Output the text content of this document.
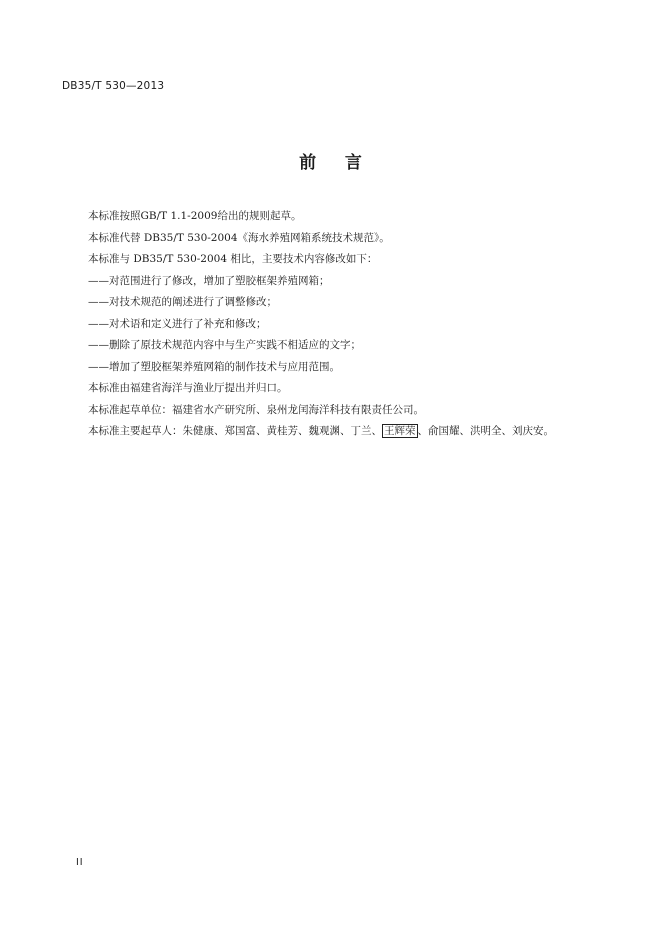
DB35/T 530—2013
前    言

本标准按照GB/T 1.1-2009给出的规则起草。

本标准代替 DB35/T 530-2004《海水养殖网箱系统技术规范》。

本标准与 DB35/T 530-2004 相比，主要技术内容修改如下：

——对范围进行了修改，增加了塑胶框架养殖网箱；

——对技术规范的阐述进行了调整修改；

——对术语和定义进行了补充和修改；

——删除了原技术规范内容中与生产实践不相适应的文字；

——增加了塑胶框架养殖网箱的制作技术与应用范围。

本标准由福建省海洋与渔业厅提出并归口。

本标准起草单位：福建省水产研究所、泉州龙闰海洋科技有限责任公司。

本标准主要起草人：朱健康、郑国富、黄桂芳、魏观渊、丁兰、 王辉荣 、俞国耀、洪明全、刘庆安。

II
